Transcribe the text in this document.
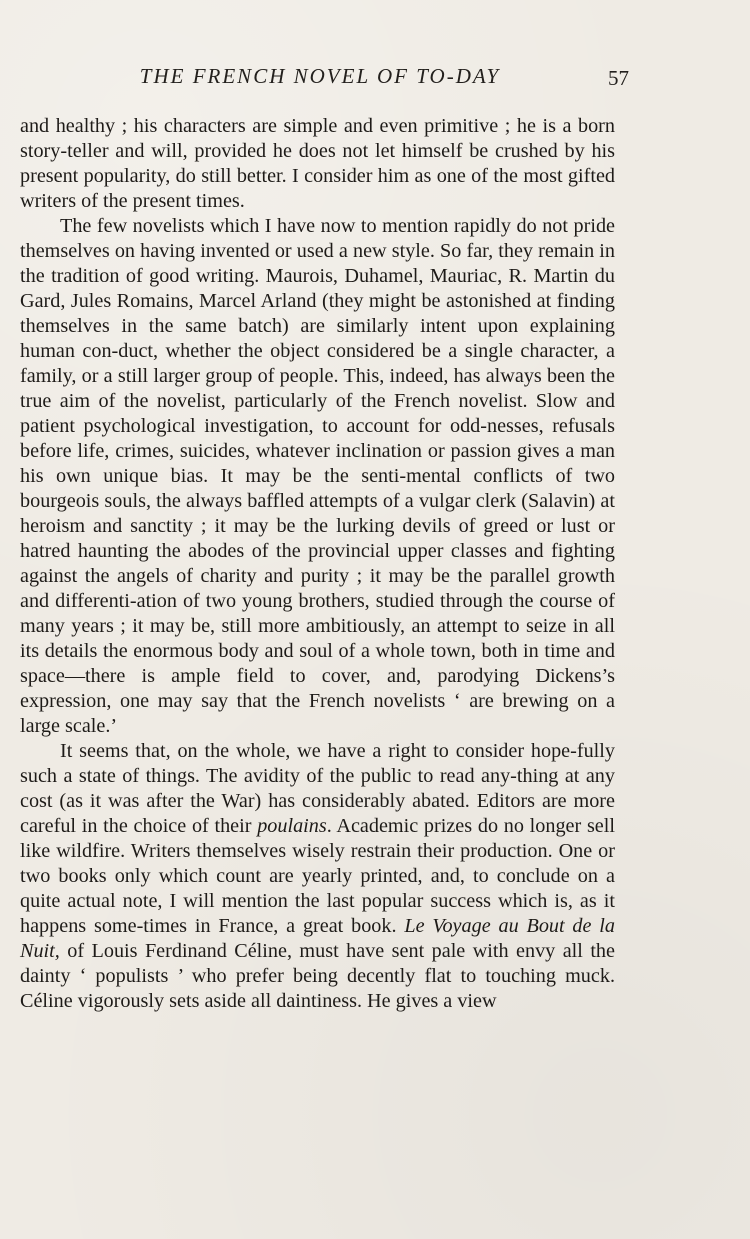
THE FRENCH NOVEL OF TO-DAY	57

and healthy ; his characters are simple and even primitive ; he is a born story-teller and will, provided he does not let himself be crushed by his present popularity, do still better. I consider him as one of the most gifted writers of the present times.

The few novelists which I have now to mention rapidly do not pride themselves on having invented or used a new style. So far, they remain in the tradition of good writing. Maurois, Duhamel, Mauriac, R. Martin du Gard, Jules Romains, Marcel Arland (they might be astonished at finding themselves in the same batch) are similarly intent upon explaining human con-duct, whether the object considered be a single character, a family, or a still larger group of people. This, indeed, has always been the true aim of the novelist, particularly of the French novelist. Slow and patient psychological investigation, to account for odd-nesses, refusals before life, crimes, suicides, whatever inclination or passion gives a man his own unique bias. It may be the senti-mental conflicts of two bourgeois souls, the always baffled attempts of a vulgar clerk (Salavin) at heroism and sanctity ; it may be the lurking devils of greed or lust or hatred haunting the abodes of the provincial upper classes and fighting against the angels of charity and purity ; it may be the parallel growth and differenti-ation of two young brothers, studied through the course of many years ; it may be, still more ambitiously, an attempt to seize in all its details the enormous body and soul of a whole town, both in time and space—there is ample field to cover, and, parodying Dickens’s expression, one may say that the French novelists ‘ are brewing on a large scale.’

It seems that, on the whole, we have a right to consider hope-fully such a state of things. The avidity of the public to read any-thing at any cost (as it was after the War) has considerably abated. Editors are more careful in the choice of their poulains. Academic prizes do no longer sell like wildfire. Writers themselves wisely restrain their production. One or two books only which count are yearly printed, and, to conclude on a quite actual note, I will mention the last popular success which is, as it happens some-times in France, a great book. Le Voyage au Bout de la Nuit, of Louis Ferdinand Céline, must have sent pale with envy all the dainty ‘ populists ’ who prefer being decently flat to touching muck. Céline vigorously sets aside all daintiness. He gives a view
